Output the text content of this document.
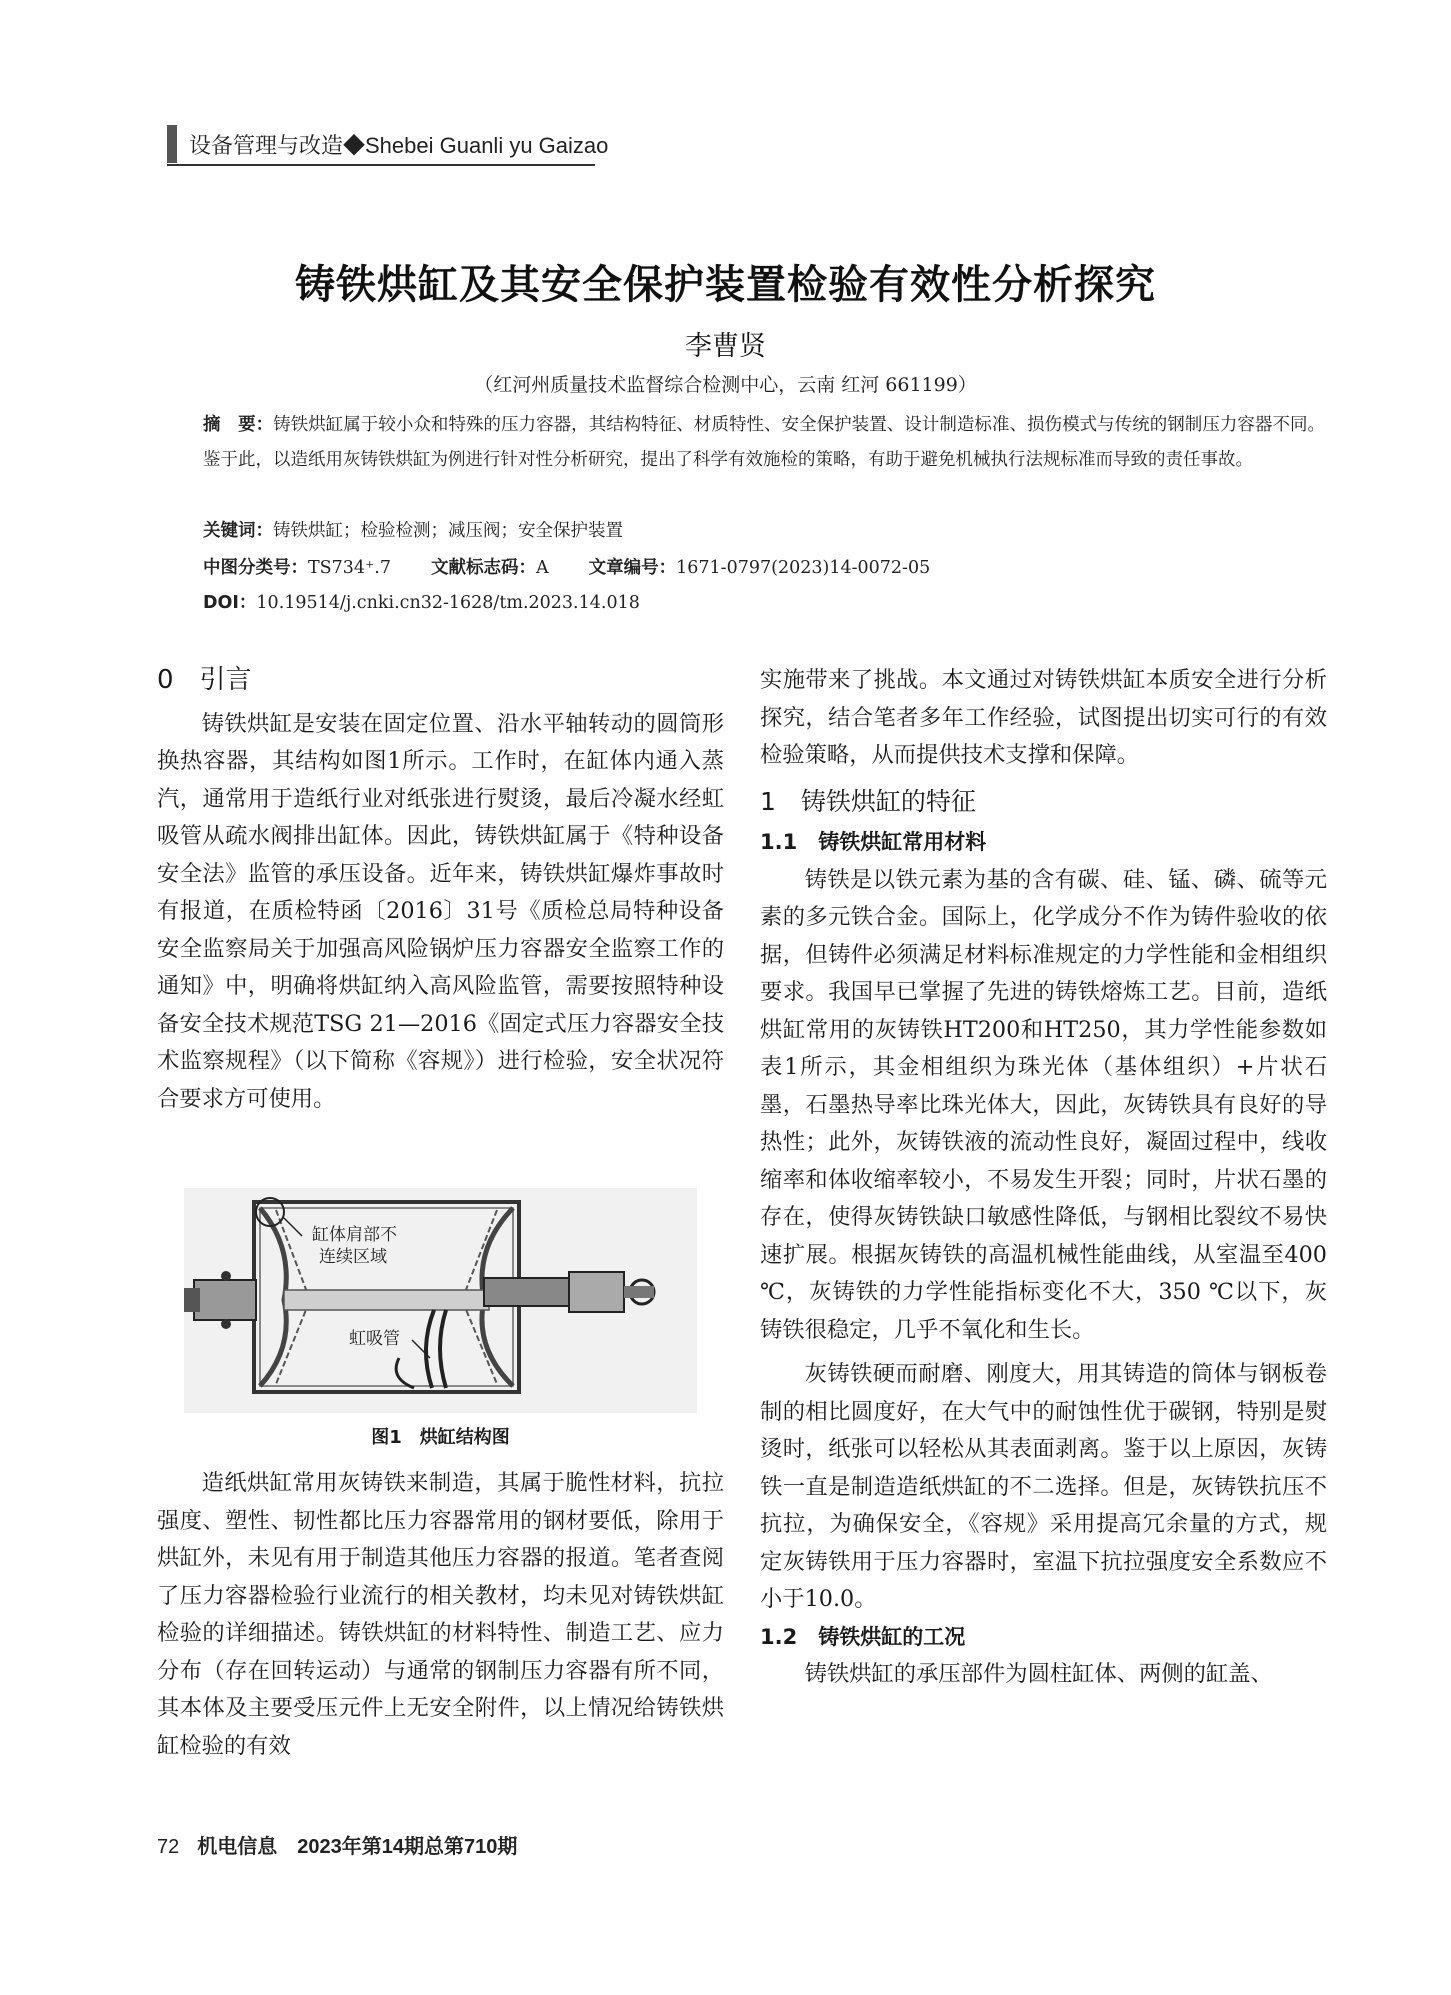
设备管理与改造◆Shebei Guanli yu Gaizao
铸铁烘缸及其安全保护装置检验有效性分析探究
李曹贤
（红河州质量技术监督综合检测中心，云南 红河 661199）
摘　要：铸铁烘缸属于较小众和特殊的压力容器，其结构特征、材质特性、安全保护装置、设计制造标准、损伤模式与传统的钢制压力容器不同。鉴于此，以造纸用灰铸铁烘缸为例进行针对性分析研究，提出了科学有效施检的策略，有助于避免机械执行法规标准而导致的责任事故。
关键词：铸铁烘缸；检验检测；减压阀；安全保护装置
中图分类号：TS734⁺.7 文献标志码：A 文章编号：1671-0797(2023)14-0072-05
DOI：10.19514/j.cnki.cn32-1628/tm.2023.14.018
0　引言

铸铁烘缸是安装在固定位置、沿水平轴转动的圆筒形换热容器，其结构如图1所示。工作时，在缸体内通入蒸汽，通常用于造纸行业对纸张进行熨烫，最后冷凝水经虹吸管从疏水阀排出缸体。因此，铸铁烘缸属于《特种设备安全法》监管的承压设备。近年来，铸铁烘缸爆炸事故时有报道，在质检特函〔2016〕31号《质检总局特种设备安全监察局关于加强高风险锅炉压力容器安全监察工作的通知》中，明确将烘缸纳入高风险监管，需要按照特种设备安全技术规范TSG 21—2016《固定式压力容器安全技术监察规程》（以下简称《容规》）进行检验，安全状况符合要求方可使用。

缸体肩部不
连续区域
虹吸管
图1　烘缸结构图

造纸烘缸常用灰铸铁来制造，其属于脆性材料，抗拉强度、塑性、韧性都比压力容器常用的钢材要低，除用于烘缸外，未见有用于制造其他压力容器的报道。笔者查阅了压力容器检验行业流行的相关教材，均未见对铸铁烘缸检验的详细描述。铸铁烘缸的材料特性、制造工艺、应力分布（存在回转运动）与通常的钢制压力容器有所不同，其本体及主要受压元件上无安全附件，以上情况给铸铁烘缸检验的有效

实施带来了挑战。本文通过对铸铁烘缸本质安全进行分析探究，结合笔者多年工作经验，试图提出切实可行的有效检验策略，从而提供技术支撑和保障。

1　铸铁烘缸的特征
1.1　铸铁烘缸常用材料

铸铁是以铁元素为基的含有碳、硅、锰、磷、硫等元素的多元铁合金。国际上，化学成分不作为铸件验收的依据，但铸件必须满足材料标准规定的力学性能和金相组织要求。我国早已掌握了先进的铸铁熔炼工艺。目前，造纸烘缸常用的灰铸铁HT200和HT250，其力学性能参数如表1所示，其金相组织为珠光体（基体组织）+片状石墨，石墨热导率比珠光体大，因此，灰铸铁具有良好的导热性；此外，灰铸铁液的流动性良好，凝固过程中，线收缩率和体收缩率较小，不易发生开裂；同时，片状石墨的存在，使得灰铸铁缺口敏感性降低，与钢相比裂纹不易快速扩展。根据灰铸铁的高温机械性能曲线，从室温至400 ℃，灰铸铁的力学性能指标变化不大，350 ℃以下，灰铸铁很稳定，几乎不氧化和生长。

灰铸铁硬而耐磨、刚度大，用其铸造的筒体与钢板卷制的相比圆度好，在大气中的耐蚀性优于碳钢，特别是熨烫时，纸张可以轻松从其表面剥离。鉴于以上原因，灰铸铁一直是制造造纸烘缸的不二选择。但是，灰铸铁抗压不抗拉，为确保安全，《容规》采用提高冗余量的方式，规定灰铸铁用于压力容器时，室温下抗拉强度安全系数应不小于10.0。

1.2　铸铁烘缸的工况

铸铁烘缸的承压部件为圆柱缸体、两侧的缸盖、

72 机电信息　2023年第14期总第710期
